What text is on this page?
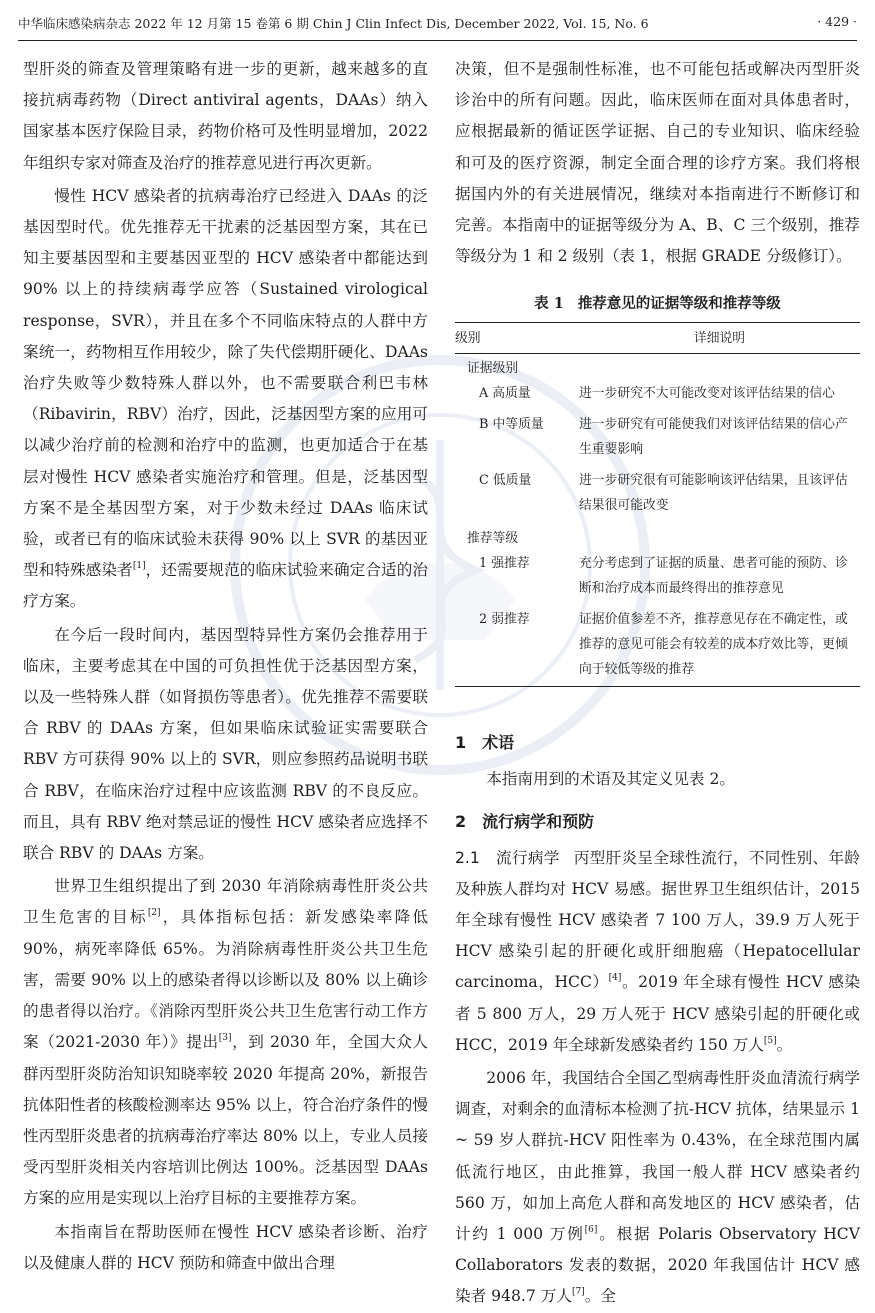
中华临床感染病杂志 2022 年 12 月第 15 卷第 6 期 Chin J Clin Infect Dis, December 2022, Vol. 15, No. 6	· 429 ·

型肝炎的筛查及管理策略有进一步的更新，越来越多的直接抗病毒药物（Direct antiviral agents，DAAs）纳入国家基本医疗保险目录，药物价格可及性明显增加，2022 年组织专家对筛查及治疗的推荐意见进行再次更新。

慢性 HCV 感染者的抗病毒治疗已经进入 DAAs 的泛基因型时代。优先推荐无干扰素的泛基因型方案，其在已知主要基因型和主要基因亚型的 HCV 感染者中都能达到 90% 以上的持续病毒学应答（Sustained virological response，SVR），并且在多个不同临床特点的人群中方案统一，药物相互作用较少，除了失代偿期肝硬化、DAAs 治疗失败等少数特殊人群以外，也不需要联合利巴韦林（Ribavirin，RBV）治疗，因此，泛基因型方案的应用可以减少治疗前的检测和治疗中的监测，也更加适合于在基层对慢性 HCV 感染者实施治疗和管理。但是，泛基因型方案不是全基因型方案，对于少数未经过 DAAs 临床试验，或者已有的临床试验未获得 90% 以上 SVR 的基因亚型和特殊感染者[1]，还需要规范的临床试验来确定合适的治疗方案。

在今后一段时间内，基因型特异性方案仍会推荐用于临床，主要考虑其在中国的可负担性优于泛基因型方案，以及一些特殊人群（如肾损伤等患者）。优先推荐不需要联合 RBV 的 DAAs 方案，但如果临床试验证实需要联合 RBV 方可获得 90% 以上的 SVR，则应参照药品说明书联合 RBV，在临床治疗过程中应该监测 RBV 的不良反应。而且，具有 RBV 绝对禁忌证的慢性 HCV 感染者应选择不联合 RBV 的 DAAs 方案。

世界卫生组织提出了到 2030 年消除病毒性肝炎公共卫生危害的目标[2]，具体指标包括：新发感染率降低 90%，病死率降低 65%。为消除病毒性肝炎公共卫生危害，需要 90% 以上的感染者得以诊断以及 80% 以上确诊的患者得以治疗。《消除丙型肝炎公共卫生危害行动工作方案（2021-2030 年）》提出[3]，到 2030 年，全国大众人群丙型肝炎防治知识知晓率较 2020 年提高 20%，新报告抗体阳性者的核酸检测率达 95% 以上，符合治疗条件的慢性丙型肝炎患者的抗病毒治疗率达 80% 以上，专业人员接受丙型肝炎相关内容培训比例达 100%。泛基因型 DAAs 方案的应用是实现以上治疗目标的主要推荐方案。

本指南旨在帮助医师在慢性 HCV 感染者诊断、治疗以及健康人群的 HCV 预防和筛查中做出合理

决策，但不是强制性标准，也不可能包括或解决丙型肝炎诊治中的所有问题。因此，临床医师在面对具体患者时，应根据最新的循证医学证据、自己的专业知识、临床经验和可及的医疗资源，制定全面合理的诊疗方案。我们将根据国内外的有关进展情况，继续对本指南进行不断修订和完善。本指南中的证据等级分为 A、B、C 三个级别，推荐等级分为 1 和 2 级别（表 1，根据 GRADE 分级修订）。

表 1 推荐意见的证据等级和推荐等级
级别	详细说明
证据级别	
A 高质量	进一步研究不大可能改变对该评估结果的信心
B 中等质量	进一步研究有可能使我们对该评估结果的信心产生重要影响
C 低质量	进一步研究很有可能影响该评估结果，且该评估结果很可能改变
推荐等级	
1 强推荐	充分考虑到了证据的质量、患者可能的预防、诊断和治疗成本而最终得出的推荐意见
2 弱推荐	证据价值参差不齐，推荐意见存在不确定性，或推荐的意见可能会有较差的成本疗效比等，更倾向于较低等级的推荐
1 术语

本指南用到的术语及其定义见表 2。

2 流行病学和预防

2.1　流行病学 丙型肝炎呈全球性流行，不同性别、年龄及种族人群均对 HCV 易感。据世界卫生组织估计，2015 年全球有慢性 HCV 感染者 7 100 万人，39.9 万人死于 HCV 感染引起的肝硬化或肝细胞癌（Hepatocellular carcinoma，HCC）[4]。2019 年全球有慢性 HCV 感染者 5 800 万人，29 万人死于 HCV 感染引起的肝硬化或 HCC，2019 年全球新发感染者约 150 万人[5]。

2006 年，我国结合全国乙型病毒性肝炎血清流行病学调查，对剩余的血清标本检测了抗-HCV 抗体，结果显示 1 ~ 59 岁人群抗-HCV 阳性率为 0.43%，在全球范围内属低流行地区，由此推算，我国一般人群 HCV 感染者约 560 万，如加上高危人群和高发地区的 HCV 感染者，估计约 1 000 万例[6]。根据 Polaris Observatory HCV Collaborators 发表的数据，2020 年我国估计 HCV 感染者 948.7 万人[7]。全
